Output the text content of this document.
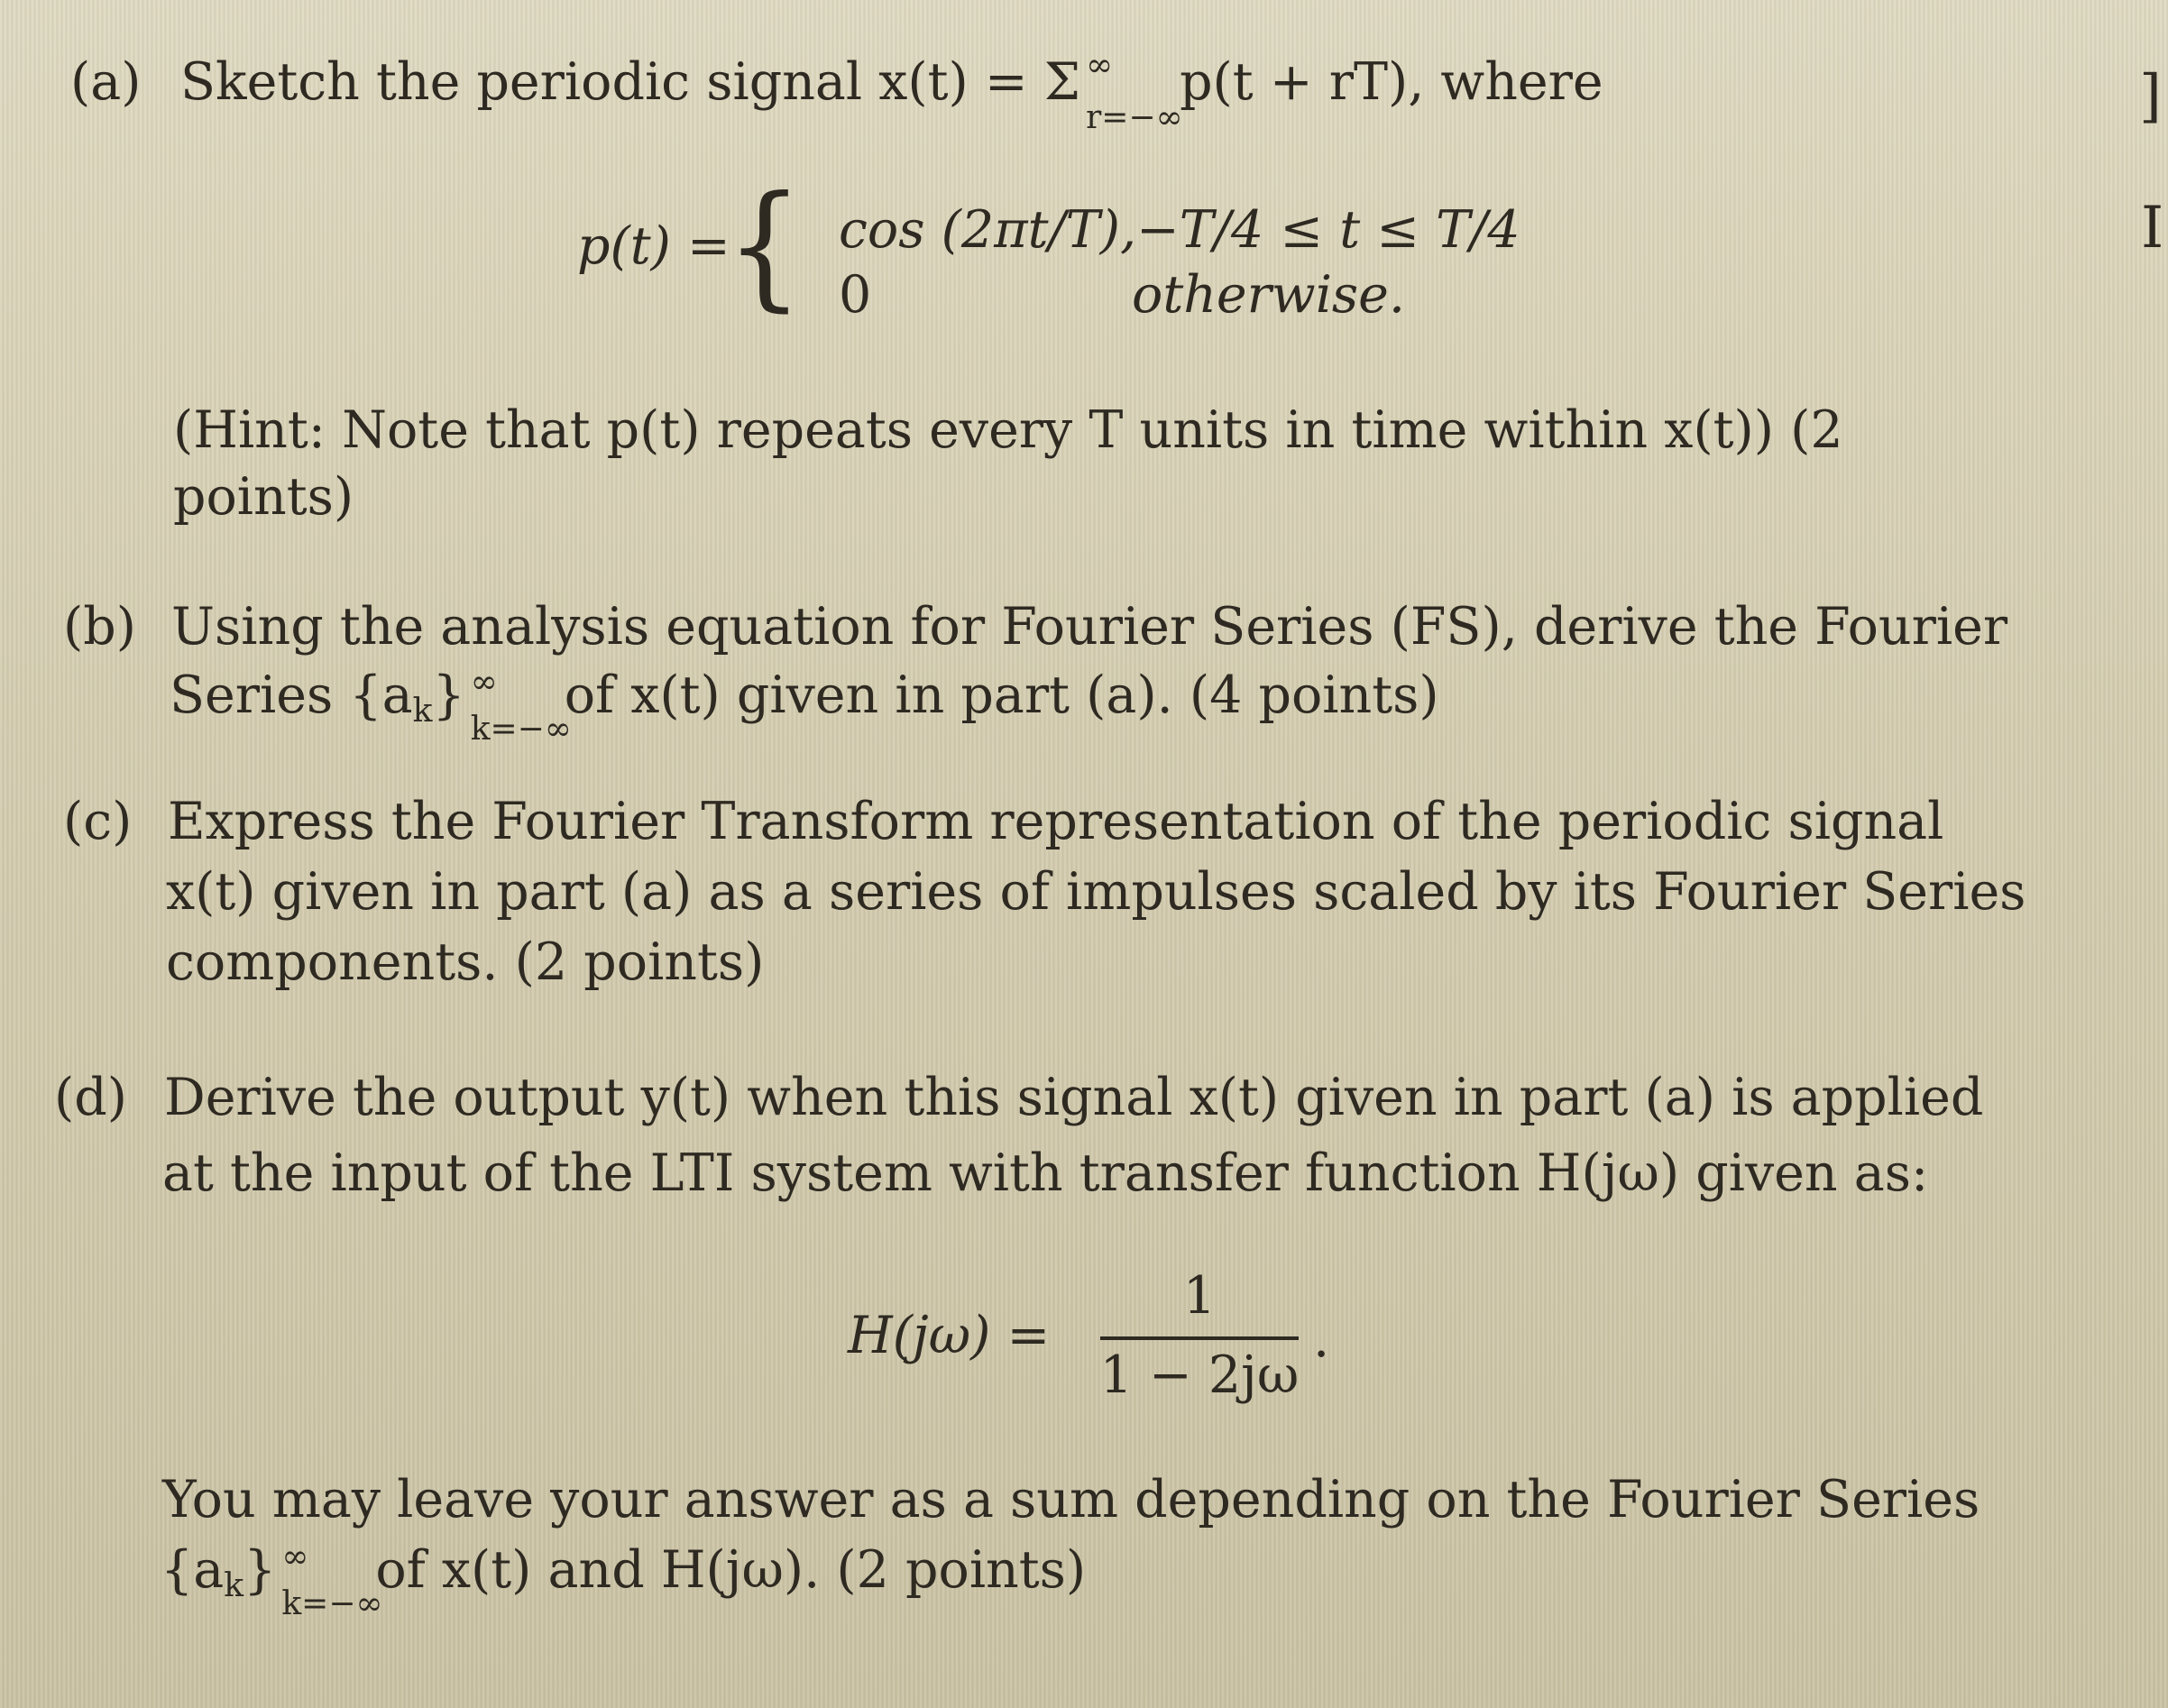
(a) Sketch the periodic signal x(t) = Σ ∞
r=−∞
p(t + rT), where
p(t) =
{ cos (2πt/T), −T/4 ≤ t ≤ T/4
0	otherwise.
(Hint: Note that p(t) repeats every T units in time within x(t)) (2
points)
(b) Using the analysis equation for Fourier Series (FS), derive the Fourier
Series {ak} ∞
k=−∞
of x(t) given in part (a). (4 points)
(c) Express the Fourier Transform representation of the periodic signal
x(t) given in part (a) as a series of impulses scaled by its Fourier Series
components. (2 points)
(d) Derive the output y(t) when this signal x(t) given in part (a) is applied
at the input of the LTI system with transfer function H(jω) given as:
H(jω) =
1
1 − 2jω
.
You may leave your answer as a sum depending on the Fourier Series
{ak} ∞
k=−∞
of x(t) and H(jω). (2 points)
]
I
